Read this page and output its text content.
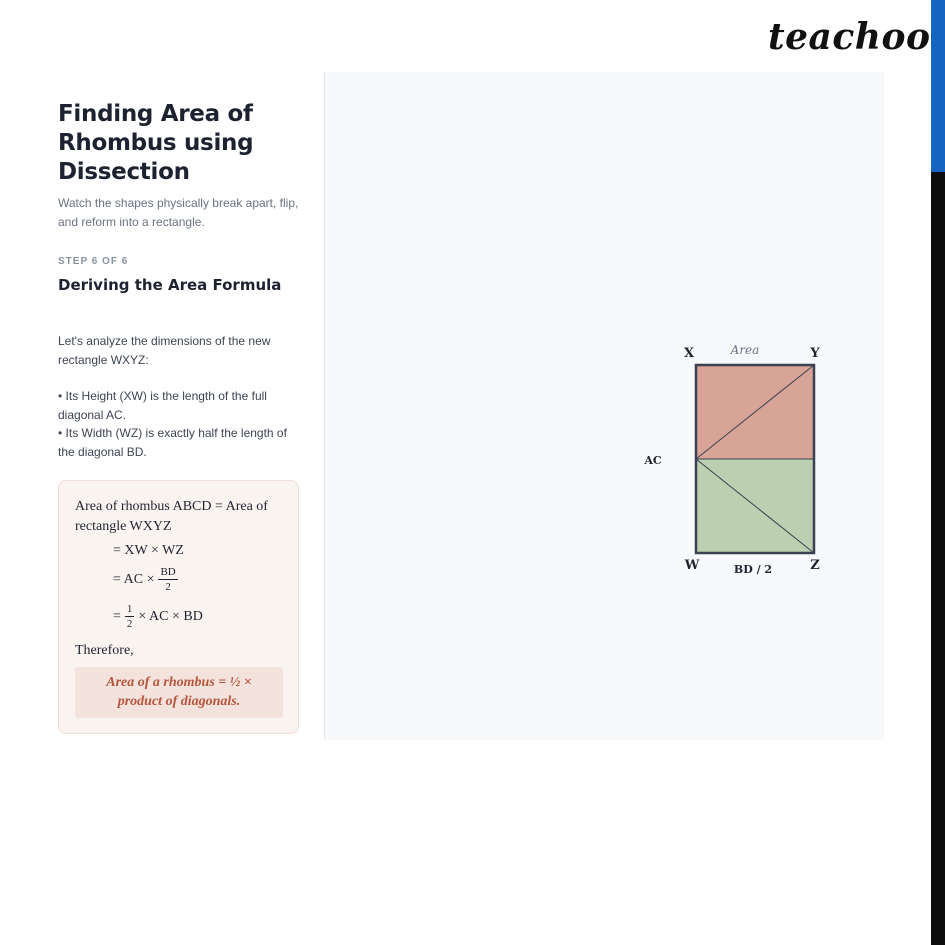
teachoo
Finding Area of Rhombus using Dissection

Watch the shapes physically break apart, flip, and reform into a rectangle.

STEP 6 OF 6
Deriving the Area Formula

Let's analyze the dimensions of the new rectangle WXYZ:

• Its Height (XW) is the length of the full diagonal AC.
• Its Width (WZ) is exactly half the length of the diagonal BD.
Area of rhombus ABCD = Area of rectangle WXYZ
= XW × WZ
= AC × $\frac{BD}{2}$
= $\frac{1}{2}$ × AC × BD
Therefore,
Area of a rhombus = ½ ×
product of diagonals.
X	Y
W	Z
Area
AC
BD / 2
